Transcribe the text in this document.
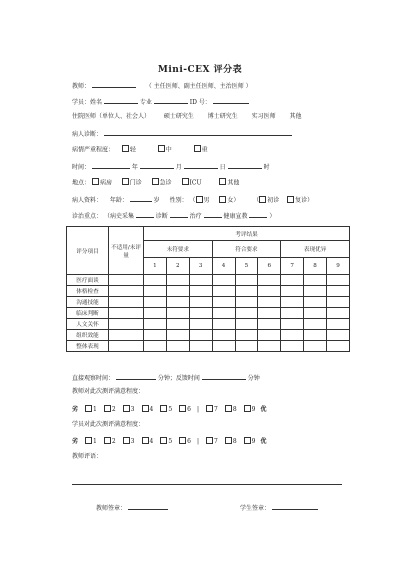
Mini-CEX 评分表
教师：	（ 主任医师、副主任医师、主治医师 ）
学员：姓名	专业	ID 号：
住院医师（单位人、社会人） 硕士研究生 博士研究生 实习医师 其他
病人诊断：
病情严重程度：	轻	中	重
时间：	年	月	日	时
地点： 病房	门诊	急诊	ICU	其他
病人资料： 年龄：	岁 性别： （ 男	女） （ 初诊	复诊）
诊治重点： （病史采集	诊断	治疗	健康宣教	）
评分项目	不适用/未评量	考评结果								
		未符要求			符合要求			表现优异		
		1	2	3	4	5	6	7	8	9
医疗面谈										
体格检查										
沟通技能										
临床判断										
人文关怀										
组织效能										
整体表现										
直接观察时间：	分钟；反馈时间	分钟
教师对此次测评满意程度：
劣	1	2	3	4	5	6 |	7	8	9 优
学员对此次测评满意程度：
劣	1	2	3	4	5	6 |	7	8	9 优
教师评语：
教师签章：	学生签章：
